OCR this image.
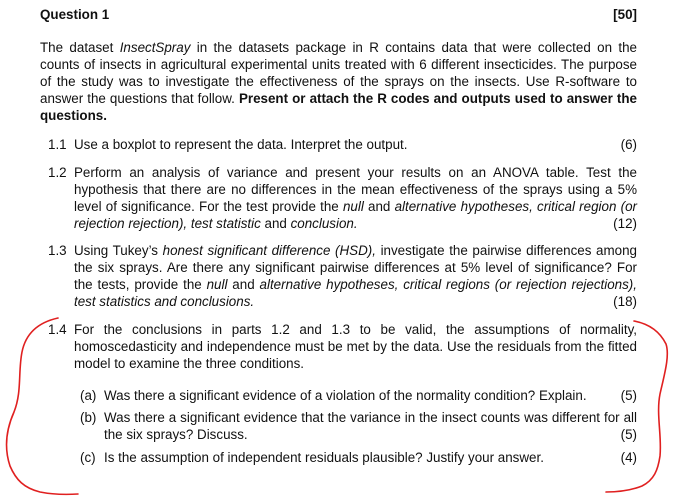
Question 1	[50]
The dataset InsectSpray in the datasets package in R contains data that were collected on the counts of insects in agricultural experimental units treated with 6 different insecticides. The purpose of the study was to investigate the effectiveness of the sprays on the insects. Use R-software to answer the questions that follow. Present or attach the R codes and outputs used to answer the questions.
1.1	(6)
Use a boxplot to represent the data. Interpret the output.
1.2 Perform an analysis of variance and present your results on an ANOVA table. Test the hypothesis that there are no differences in the mean effectiveness of the sprays using a 5% level of significance. For the test provide the null and alternative hypotheses, critical region (or rejection rejection), test statistic and conclusion.	(12)
1.3 Using Tukey’s honest significant difference (HSD), investigate the pairwise differences among the six sprays. Are there any significant pairwise differences at 5% level of significance? For the tests, provide the null and alternative hypotheses, critical regions (or rejection rejections), test statistics and conclusions.	(18)
1.4 For the conclusions in parts 1.2 and 1.3 to be valid, the assumptions of normality, homoscedasticity and independence must be met by the data. Use the residuals from the fitted model to examine the three conditions.
(a)	(5)
Was there a significant evidence of a violation of the normality condition? Explain.
(b) Was there a significant evidence that the variance in the insect counts was different for all the six sprays? Discuss.	(5)
(c)	(4)
Is the assumption of independent residuals plausible? Justify your answer.
